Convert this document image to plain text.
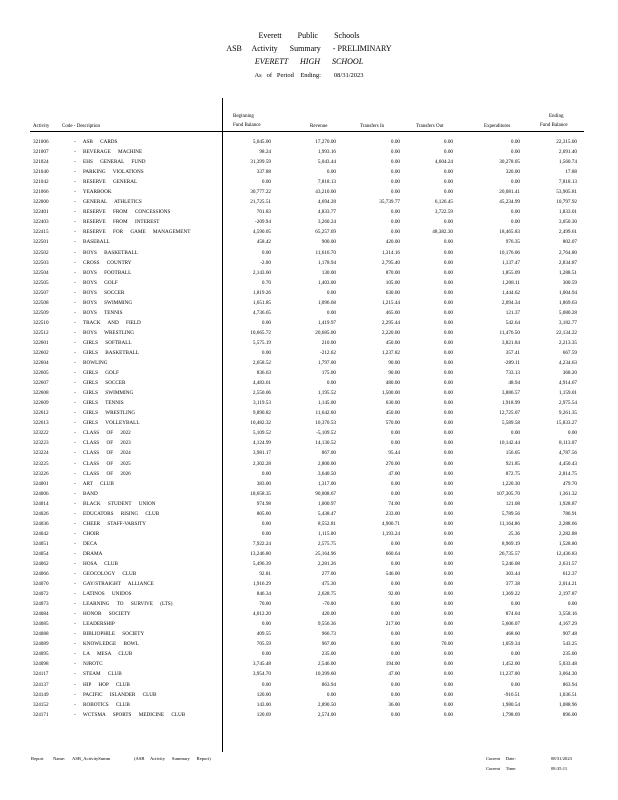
Everett        Public        Schools
ASB     Activity      Summary      - PRELIMINARY
EVERETT      HIGH      SCHOOL
As   of   Period    Ending:        08/31/2023
Activity	Code - Description
Beginning
Fund Balance	Revenue	Transfers In	Transfers Out	Expenditures
Ending
Fund Balance
321006	- ASB CARDS	5,045.00	17,270.00	0.00	0.00	0.00	22,315.00
321007	- BEVERAGE MACHINE	98.24	1,993.16	0.00	0.00	0.00	2,091.40
321024	- EHS GENERAL FUND	31,399.59	5,043.44	0.00	4,604.24	30,278.05	1,560.74
321040	- PARKING VIOLATIONS	337.88	0.00	0.00	0.00	320.00	17.88
321042	- RESERVE GENERAL	0.00	7,818.13	0.00	0.00	0.00	7,818.13
321066	- YEARBOOK	30,777.22	43,210.00	0.00	0.00	20,081.41	53,905.81
322000	- GENERAL ATHLETICS	21,725.51	4,694.28	35,739.77	6,126.45	45,234.99	10,797.92
322401	- RESERVE FROM CONCESSIONS	701.83	4,833.77	0.00	3,722.59	0.00	1,833.01
322403	- RESERVE FROM INTEREST	-209.94	3,260.24	0.00	0.00	0.00	3,050.30
322415	- RESERVE FOR GAME MANAGEMENT	4,590.05	65,257.69	0.00	48,382.30	18,465.83	2,499.61
322501	- BASEBALL	458.42	900.00	420.00	0.00	976.35	802.07
322502	- BOYS BASKETBALL	0.00	11,616.70	1,314.16	0.00	10,176.06	2,764.80
322503	- CROSS COUNTRY	-2.00	1,178.94	2,795.40	0.00	1,137.47	2,834.87
322504	- BOYS FOOTBALL	2,143.60	130.00	870.00	0.00	1,855.09	1,288.51
322505	- BOYS GOLF	0.70	1,403.00	105.00	0.00	1,208.11	300.59
322507	- BOYS SOCCER	1,819.26	0.00	630.00	0.00	1,444.62	1,004.94
322508	- BOYS SWIMMING	1,651.85	1,096.68	1,215.44	0.00	2,094.34	1,869.63
322509	- BOYS TENNIS	4,736.65	0.00	465.00	0.00	121.37	5,080.28
322510	- TRACK AND FIELD	0.00	1,419.97	2,295.44	0.00	542.64	3,182.77
322512	- BOYS WRESTLING	10,665.72	20,685.00	2,220.00	0.00	11,476.50	22,134.22
322601	- GIRLS SOFTBALL	5,575.19	210.00	450.00	0.00	3,821.84	2,213.35
322602	- GIRLS BASKETBALL	0.00	-212.62	1,237.82	0.00	357.41	667.59
322604	- BOWLING	2,658.52	1,797.00	90.00	0.00	-289.11	4,234.63
322605	- GIRLS GOLF	836.63	175.00	90.00	0.00	733.13	368.20
322607	- GIRLS SOCCER	4,483.61	0.00	480.00	0.00	48.94	4,914.67
322608	- GIRLS SWIMMING	2,550.06	1,195.52	1,500.00	0.00	3,886.57	1,159.01
322609	- GIRLS TENNIS	3,119.53	1,145.00	630.00	0.00	1,918.99	2,975.54
322612	- GIRLS WRESTLING	9,890.82	11,642.60	450.00	0.00	12,725.07	9,261.35
322613	- GIRLS VOLLEYBALL	10,482.32	10,370.53	570.00	0.00	5,589.58	15,833.27
323222	- CLASS OF 2022	5,109.52	-5,109.52	0.00	0.00	0.00	0.00
323223	- CLASS OF 2023	4,124.99	14,130.52	0.00	0.00	10,142.44	8,113.07
323224	- CLASS OF 2024	3,981.17	867.00	95.44	0.00	156.05	4,787.56
323225	- CLASS OF 2025	2,302.28	2,800.00	270.00	0.00	921.85	4,450.43
323226	- CLASS OF 2026	0.00	3,640.50	47.00	0.00	872.75	2,814.75
324001	- ART CLUB	383.00	1,317.00	0.00	0.00	1,220.30	479.70
324006	- BAND	18,658.35	90,008.67	0.00	0.00	107,305.70	1,361.32
324014	- BLACK STUDENT UNION	974.98	1,000.97	74.00	0.00	121.08	1,928.87
324026	- EDUCATORS RISING CLUB	805.00	5,438.47	233.00	0.00	5,789.56	786.91
324036	- CHEER STAFF-VARSITY	0.00	8,552.81	4,900.71	0.00	11,164.86	2,288.66
324042	- CHOIR	0.00	1,115.00	1,193.24	0.00	25.36	2,282.88
324051	- DECA	7,922.24	2,575.75	0.00	0.00	8,969.19	1,528.80
324054	- DRAMA	13,246.80	25,164.96	660.64	0.00	26,735.57	12,436.83
324062	- HOSA CLUB	5,496.39	2,281.26	0.00	0.00	5,246.08	2,631.57
324066	- GEOCOLOGY CLUB	92.81	277.00	546.00	0.00	303.44	612.37
324070	- GAY/STRAIGHT ALLIANCE	1,916.29	475.30	0.00	0.00	377.38	2,014.21
324072	- LATINOS UNIDOS	846.34	2,628.75	92.00	0.00	1,369.22	2,197.87
324073	- LEARNING TO SURVIVE (LTS)	70.00	-70.00	0.00	0.00	0.00	0.00
324084	- HONOR SOCIETY	4,012.20	420.00	0.00	0.00	874.04	3,558.16
324085	- LEADERSHIP	0.00	9,556.36	217.00	0.00	5,606.07	4,167.29
324088	- BIBLIOPHILE SOCIETY	409.55	966.73	0.00	0.00	468.60	907.48
324089	- KNOWLEDGE BOWL	705.59	967.00	0.00	70.00	1,059.34	543.25
324095	- LA MESA CLUB	0.00	235.00	0.00	0.00	0.00	235.00
324098	- NJROTC	3,745.48	2,546.00	194.00	0.00	1,452.00	5,033.48
324117	- STEAM CLUB	3,954.70	10,399.60	47.00	0.00	11,237.00	3,064.30
324137	- HIP HOP CLUB	0.00	863.94	0.00	0.00	0.00	863.94
324149	- PACIFIC ISLANDER CLUB	120.00	0.00	0.00	0.00	-916.51	1,036.51
324152	- ROBOTICS CLUB	143.00	2,890.50	36.00	0.00	1,980.54	1,088.96
324171	- WCTSMA SPORTS MEDICINE CLUB	120.69	2,574.00	0.00	0.00	1,798.69	896.00
Report Name: ASB_ActivitySumm	(ASB     Activity      Summary      Report)	Current     Date:	08/31/2023
Current     Time:	08:35:11
